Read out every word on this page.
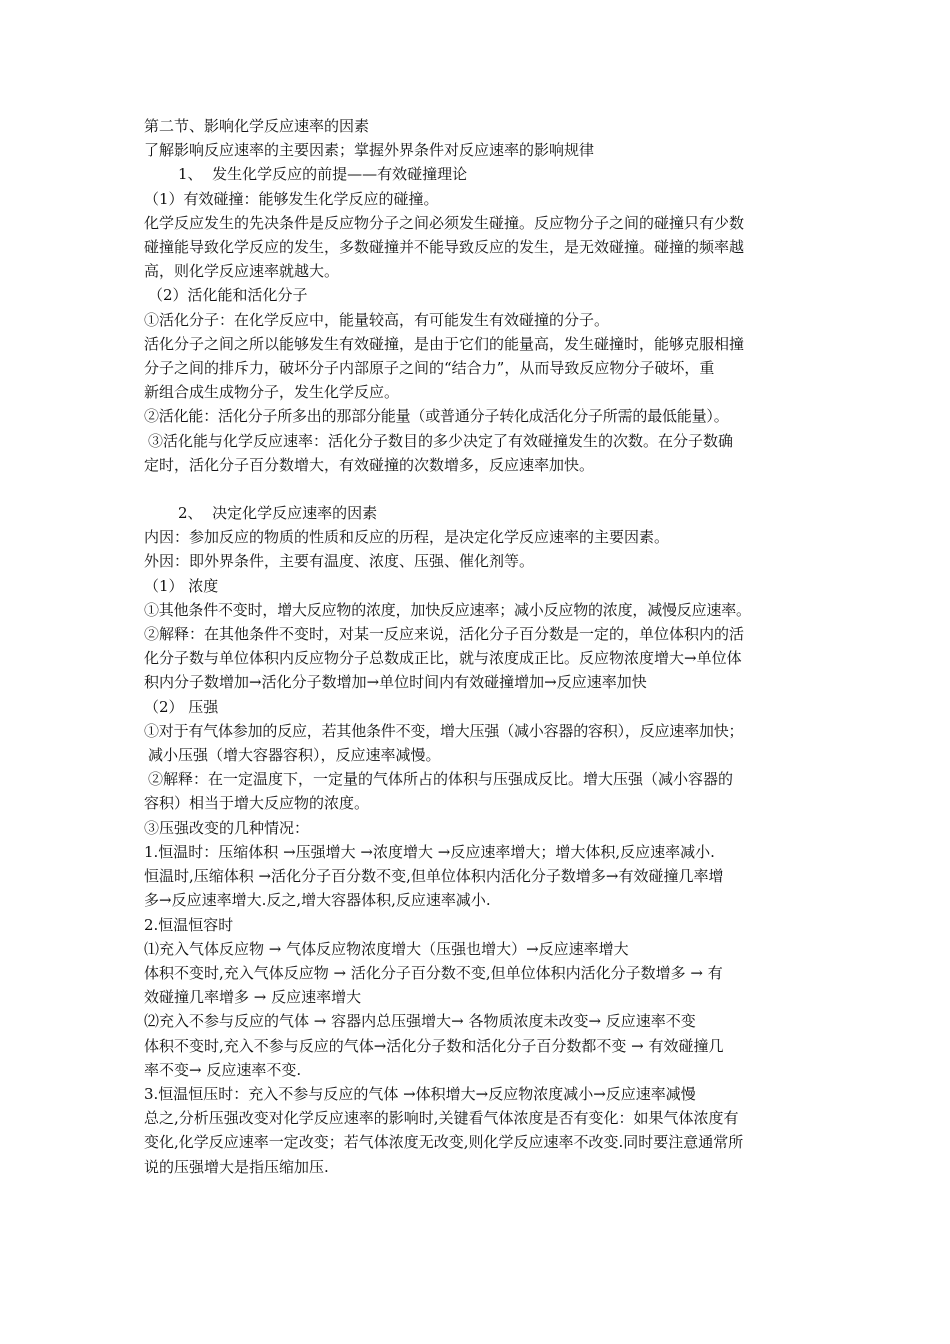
第二节、影响化学反应速率的因素
了解影响反应速率的主要因素；掌握外界条件对反应速率的影响规律
1、  发生化学反应的前提——有效碰撞理论
（1）有效碰撞：能够发生化学反应的碰撞。
化学反应发生的先决条件是反应物分子之间必须发生碰撞。反应物分子之间的碰撞只有少数
碰撞能导致化学反应的发生，多数碰撞并不能导致反应的发生，是无效碰撞。碰撞的频率越
高，则化学反应速率就越大。
（2）活化能和活化分子
①活化分子：在化学反应中，能量较高，有可能发生有效碰撞的分子。
活化分子之间之所以能够发生有效碰撞，是由于它们的能量高，发生碰撞时，能够克服相撞
分子之间的排斥力，破坏分子内部原子之间的“结合力”，从而导致反应物分子破坏，重
新组合成生成物分子，发生化学反应。
②活化能：活化分子所多出的那部分能量（或普通分子转化成活化分子所需的最低能量）。
③活化能与化学反应速率：活化分子数目的多少决定了有效碰撞发生的次数。在分子数确
定时，活化分子百分数增大，有效碰撞的次数增多，反应速率加快。
2、  决定化学反应速率的因素
内因：参加反应的物质的性质和反应的历程，是决定化学反应速率的主要因素。
外因：即外界条件，主要有温度、浓度、压强、催化剂等。
（1） 浓度
①其他条件不变时，增大反应物的浓度，加快反应速率；减小反应物的浓度，减慢反应速率。
②解释：在其他条件不变时，对某一反应来说，活化分子百分数是一定的，单位体积内的活
化分子数与单位体积内反应物分子总数成正比，就与浓度成正比。反应物浓度增大→单位体
积内分子数增加→活化分子数增加→单位时间内有效碰撞增加→反应速率加快
（2） 压强
①对于有气体参加的反应，若其他条件不变，增大压强（减小容器的容积），反应速率加快；
减小压强（增大容器容积），反应速率减慢。
②解释：在一定温度下，一定量的气体所占的体积与压强成反比。增大压强（减小容器的
容积）相当于增大反应物的浓度。
③压强改变的几种情况：
1.恒温时：压缩体积 →压强增大 →浓度增大 →反应速率增大；增大体积,反应速率减小.
恒温时,压缩体积 →活化分子百分数不变,但单位体积内活化分子数增多→有效碰撞几率增
多→反应速率增大.反之,增大容器体积,反应速率减小.
2.恒温恒容时
⑴充入气体反应物 → 气体反应物浓度增大（压强也增大）→反应速率增大
体积不变时,充入气体反应物 → 活化分子百分数不变,但单位体积内活化分子数增多 → 有
效碰撞几率增多 → 反应速率增大
⑵充入不参与反应的气体 → 容器内总压强增大→ 各物质浓度未改变→ 反应速率不变
体积不变时,充入不参与反应的气体→活化分子数和活化分子百分数都不变 → 有效碰撞几
率不变→ 反应速率不变.
3.恒温恒压时：充入不参与反应的气体 →体积增大→反应物浓度减小→反应速率减慢
总之,分析压强改变对化学反应速率的影响时,关键看气体浓度是否有变化：如果气体浓度有
变化,化学反应速率一定改变；若气体浓度无改变,则化学反应速率不改变.同时要注意通常所
说的压强增大是指压缩加压.
